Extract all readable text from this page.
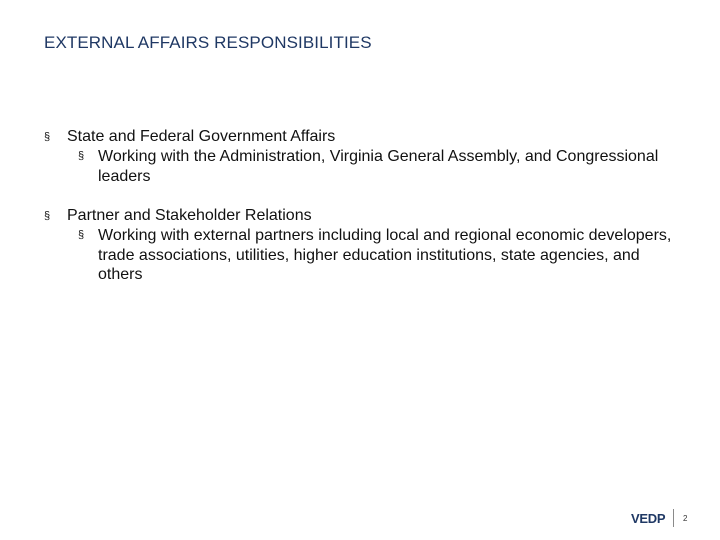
EXTERNAL AFFAIRS RESPONSIBILITIES
§ State and Federal Government Affairs
§ Working with the Administration, Virginia General Assembly, and Congressional leaders
§ Partner and Stakeholder Relations
§ Working with external partners including local and regional economic developers, trade associations, utilities, higher education institutions, state agencies, and others
VEDP 2
